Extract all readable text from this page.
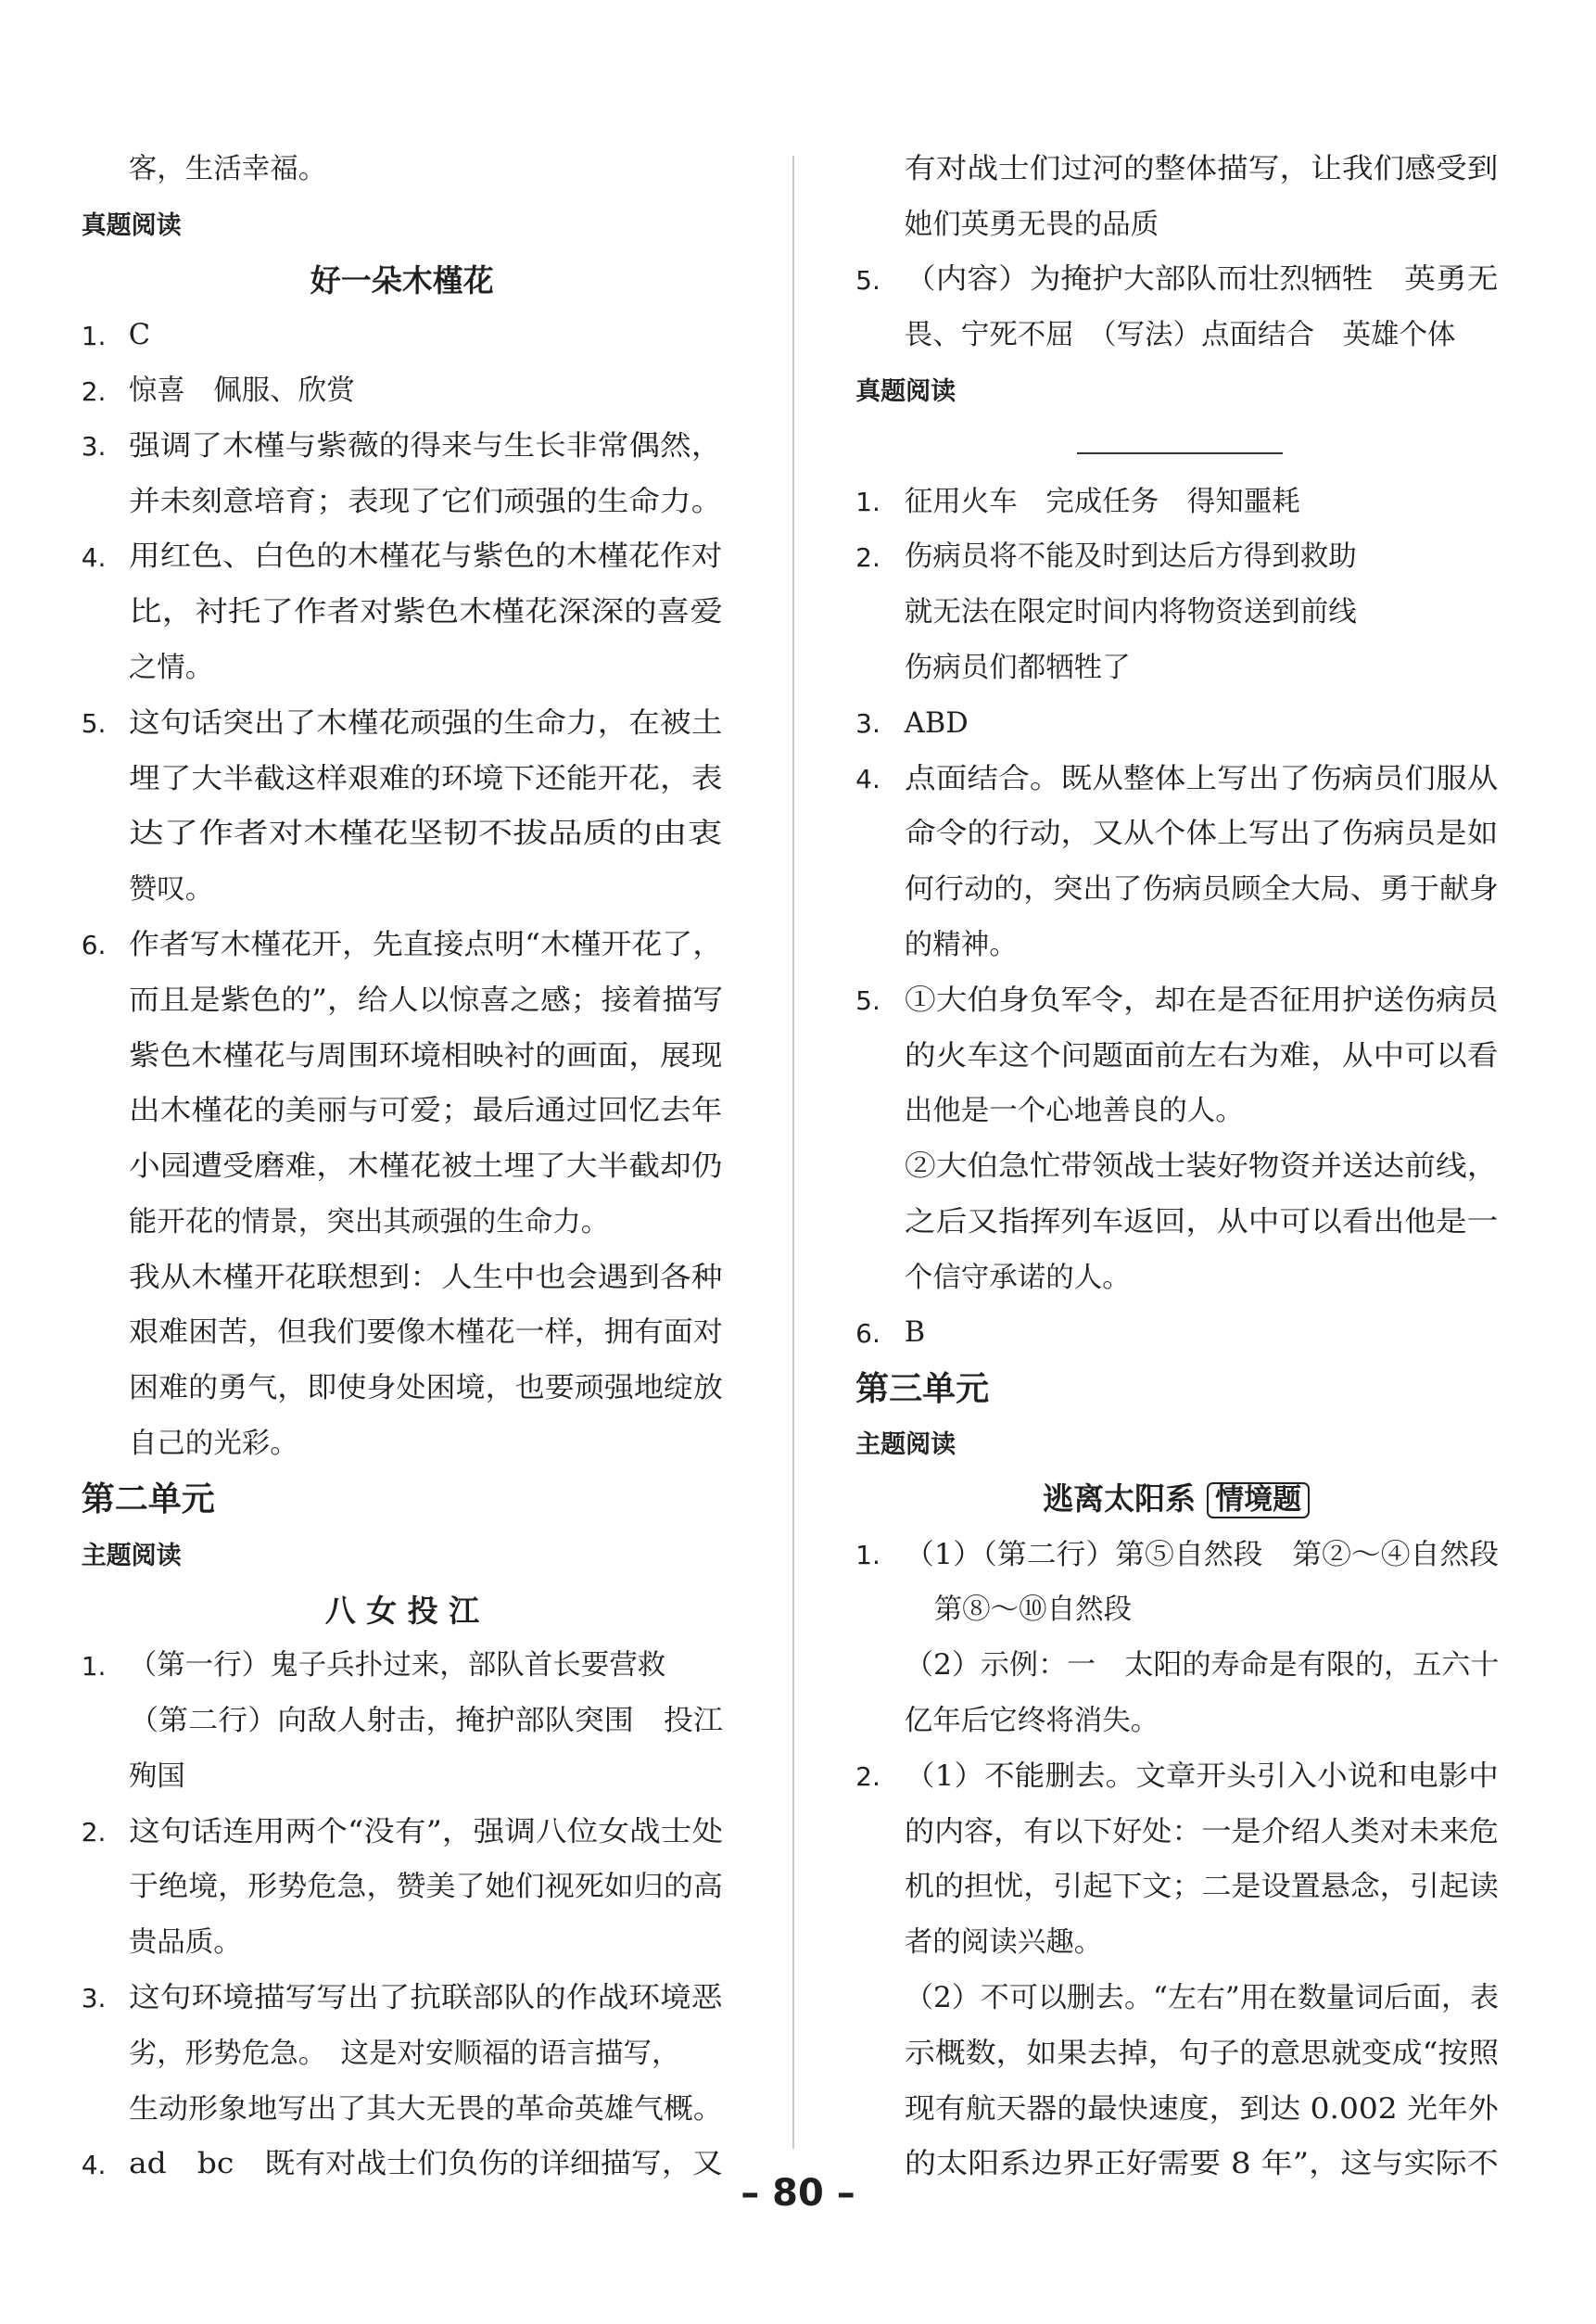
客，生活幸福。
真题阅读
好一朵木槿花
1. C
2. 惊喜　佩服、欣赏
3. 强调了木槿与紫薇的得来与生长非常偶然，
并未刻意培育；表现了它们顽强的生命力。
4. 用红色、白色的木槿花与紫色的木槿花作对
比，衬托了作者对紫色木槿花深深的喜爱
之情。
5. 这句话突出了木槿花顽强的生命力，在被土
埋了大半截这样艰难的环境下还能开花，表
达了作者对木槿花坚韧不拔品质的由衷
赞叹。
6. 作者写木槿花开，先直接点明“木槿开花了，
而且是紫色的”，给人以惊喜之感；接着描写
紫色木槿花与周围环境相映衬的画面，展现
出木槿花的美丽与可爱；最后通过回忆去年
小园遭受磨难，木槿花被土埋了大半截却仍
能开花的情景，突出其顽强的生命力。
我从木槿开花联想到：人生中也会遇到各种
艰难困苦，但我们要像木槿花一样，拥有面对
困难的勇气，即使身处困境，也要顽强地绽放
自己的光彩。
第二单元
主题阅读
八 女 投 江
1. （第一行）鬼子兵扑过来，部队首长要营救
（第二行）向敌人射击，掩护部队突围　投江
殉国
2. 这句话连用两个“没有”，强调八位女战士处
于绝境，形势危急，赞美了她们视死如归的高
贵品质。
3. 这句环境描写写出了抗联部队的作战环境恶
劣，形势危急。　这是对安顺福的语言描写，
生动形象地写出了其大无畏的革命英雄气概。
4. ad　bc　既有对战士们负伤的详细描写，又
有对战士们过河的整体描写，让我们感受到
她们英勇无畏的品质
5. （内容）为掩护大部队而壮烈牺牲　英勇无
畏、宁死不屈　（写法）点面结合　英雄个体
真题阅读
1. 征用火车　完成任务　得知噩耗
2. 伤病员将不能及时到达后方得到救助
就无法在限定时间内将物资送到前线
伤病员们都牺牲了
3. ABD
4. 点面结合。既从整体上写出了伤病员们服从
命令的行动，又从个体上写出了伤病员是如
何行动的，突出了伤病员顾全大局、勇于献身
的精神。
5. ①大伯身负军令，却在是否征用护送伤病员
的火车这个问题面前左右为难，从中可以看
出他是一个心地善良的人。
②大伯急忙带领战士装好物资并送达前线，
之后又指挥列车返回，从中可以看出他是一
个信守承诺的人。
6. B
第三单元
主题阅读
逃离太阳系 情境题
1. （1）（第二行）第⑤自然段　第②～④自然段
第⑧～⑩自然段
（2）示例：一　太阳的寿命是有限的，五六十
亿年后它终将消失。
2. （1）不能删去。文章开头引入小说和电影中
的内容，有以下好处：一是介绍人类对未来危
机的担忧，引起下文；二是设置悬念，引起读
者的阅读兴趣。
（2）不可以删去。“左右”用在数量词后面，表
示概数，如果去掉，句子的意思就变成“按照
现有航天器的最快速度，到达 0.002 光年外
的太阳系边界正好需要 8 年”，这与实际不
– 80 –
